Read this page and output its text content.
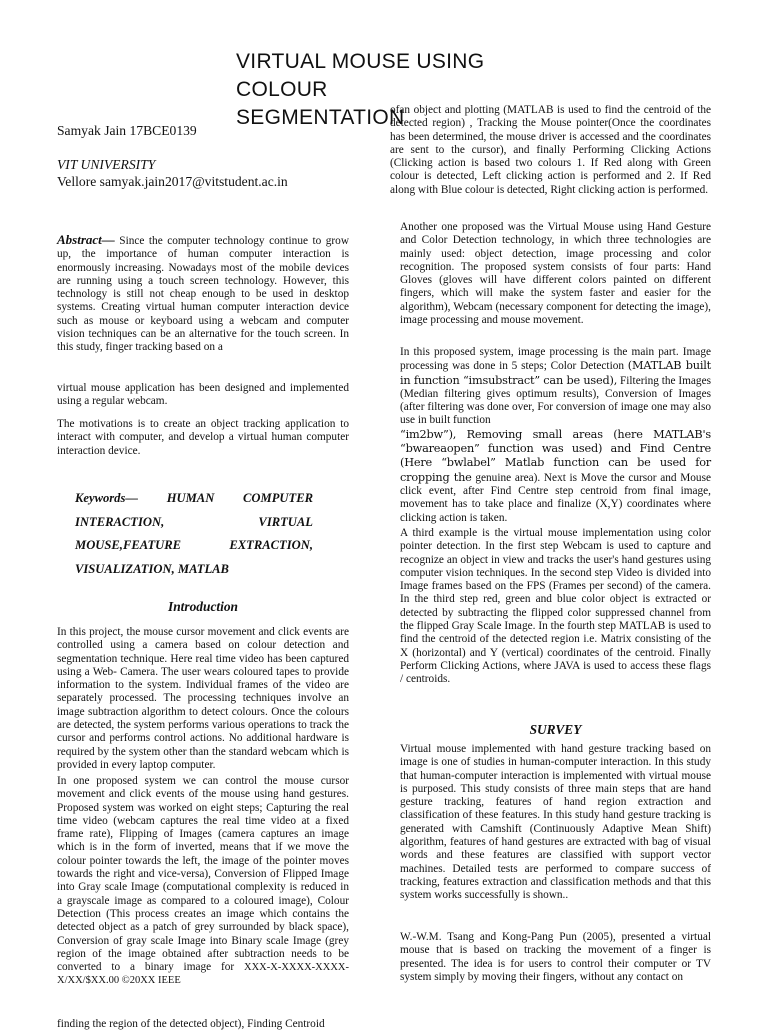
VIRTUAL MOUSE USING COLOUR
SEGMENTATION
Samyak Jain 17BCE0139
VIT UNIVERSITY
Vellore samyak.jain2017@vitstudent.ac.in

Abstract— Since the computer technology continue to grow up, the importance of human computer interaction is enormously increasing. Nowadays most of the mobile devices are running using a touch screen technology. However, this technology is still not cheap enough to be used in desktop systems. Creating virtual human computer interaction device such as mouse or keyboard using a webcam and computer vision techniques can be an alternative for the touch screen. In this study, finger tracking based on a

virtual mouse application has been designed and implemented using a regular webcam.

The motivations is to create an object tracking application to interact with computer, and develop a virtual human computer interaction device.

Keywords— HUMAN COMPUTER INTERACTION, VIRTUAL MOUSE,FEATURE EXTRACTION, VISUALIZATION, MATLAB
Introduction

In this project, the mouse cursor movement and click events are controlled using a camera based on colour detection and segmentation technique. Here real time video has been captured using a Web- Camera. The user wears coloured tapes to provide information to the system. Individual frames of the video are separately processed. The processing techniques involve an image subtraction algorithm to detect colours. Once the colours are detected, the system performs various operations to track the cursor and performs control actions. No additional hardware is required by the system other than the standard webcam which is provided in every laptop computer.

In one proposed system we can control the mouse cursor movement and click events of the mouse using hand gestures. Proposed system was worked on eight steps; Capturing the real time video (webcam captures the real time video at a fixed frame rate), Flipping of Images (camera captures an image which is in the form of inverted, means that if we move the colour pointer towards the left, the image of the pointer moves towards the right and vice-versa), Conversion of Flipped Image into Gray scale Image (computational complexity is reduced in a grayscale image as compared to a coloured image), Colour Detection (This process creates an image which contains the detected object as a patch of grey surrounded by black space), Conversion of gray scale Image into Binary scale Image (grey region of the image obtained after subtraction needs to be converted to a binary image for XXX-X-XXXX-XXXX-X/XX/$XX.00 ©20XX IEEE

finding the region of the detected object), Finding Centroid

ofan object and plotting (MATLAB is used to find the centroid of the detected region) , Tracking the Mouse pointer(Once the coordinates has been determined, the mouse driver is accessed and the coordinates are sent to the cursor), and finally Performing Clicking Actions (Clicking action is based two colours 1. If Red along with Green colour is detected, Left clicking action is performed and 2. If Red along with Blue colour is detected, Right clicking action is performed.

Another one proposed was the Virtual Mouse using Hand Gesture and Color Detection technology, in which three technologies are mainly used: object detection, image processing and color recognition. The proposed system consists of four parts: Hand Gloves (gloves will have different colors painted on different fingers, which will make the system faster and easier for the algorithm), Webcam (necessary component for detecting the image), image processing and mouse movement.

In this proposed system, image processing is the main part. Image processing was done in 5 steps; Color Detection (MATLAB built in function “imsubstract” can be used), Filtering the Images (Median filtering gives optimum results), Conversion of Images (after filtering was done over, For conversion of image one may also use in built function
“im2bw”), Removing small areas (here MATLAB's “bwareaopen” function was used) and Find Centre (Here “bwlabel” Matlab function can be used for cropping the genuine area). Next is Move the cursor and Mouse click event, after Find Centre step centroid from final image, movement has to take place and finalize (X,Y) coordinates where clicking action is taken.

A third example is the virtual mouse implementation using color pointer detection. In the first step Webcam is used to capture and recognize an object in view and tracks the user's hand gestures using computer vision techniques. In the second step Video is divided into Image frames based on the FPS (Frames per second) of the camera. In the third step red, green and blue color object is extracted or detected by subtracting the flipped color suppressed channel from the flipped Gray Scale Image. In the fourth step MATLAB is used to find the centroid of the detected region i.e. Matrix consisting of the X (horizontal) and Y (vertical) coordinates of the centroid. Finally Perform Clicking Actions, where JAVA is used to access these flags / centroids.

SURVEY

Virtual mouse implemented with hand gesture tracking based on image is one of studies in human-computer interaction. In this study that human-computer interaction is implemented with virtual mouse is purposed. This study consists of three main steps that are hand gesture tracking, features of hand region extraction and classification of these features. In this study hand gesture tracking is generated with Camshift (Continuously Adaptive Mean Shift) algorithm, features of hand gestures are extracted with bag of visual words and these features are classified with support vector machines. Detailed tests are performed to compare success of tracking, features extraction and classification methods and that this system works successfully is shown..

W.-W.M. Tsang and Kong-Pang Pun (2005), presented a virtual mouse that is based on tracking the movement of a finger is presented. The idea is for users to control their computer or TV system simply by moving their fingers, without any contact on
